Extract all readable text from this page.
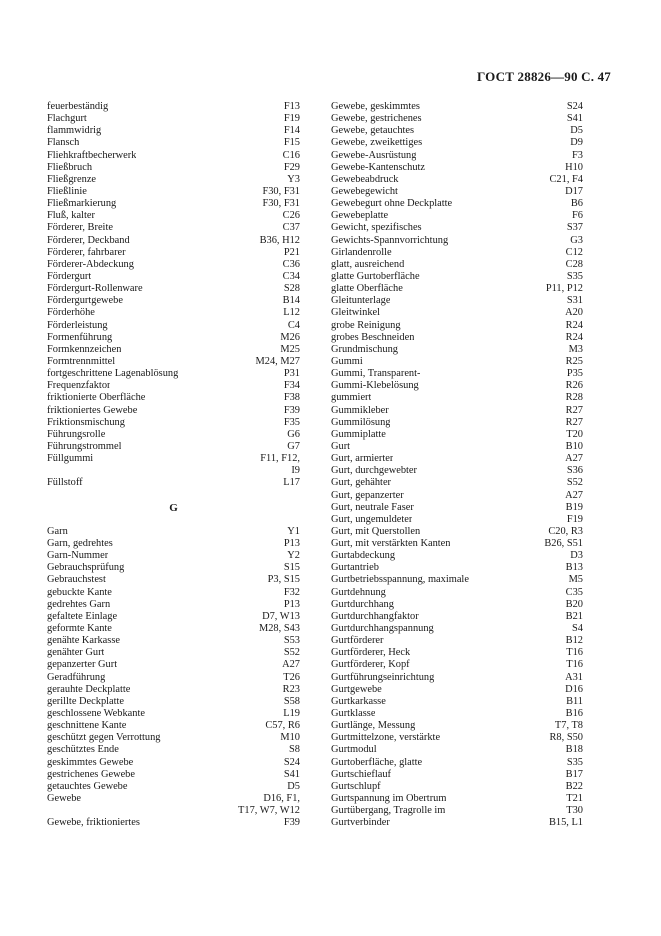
ГОСТ 28826—90 С. 47
feuerbeständig	F13
Flachgurt	F19
flammwidrig	F14
Flansch	F15
Fliehkraftbecherwerk	C16
Fließbruch	F29
Fließgrenze	Y3
Fließlinie	F30, F31
Fließmarkierung	F30, F31
Fluß, kalter	C26
Förderer, Breite	C37
Förderer, Deckband	B36, H12
Förderer, fahrbarer	P21
Förderer-Abdeckung	C36
Fördergurt	C34
Fördergurt-Rollenware	S28
Fördergurtgewebe	B14
Förderhöhe	L12
Förderleistung	C4
Formenführung	M26
Formkennzeichen	M25
Formtrennmittel	M24, M27
fortgeschrittene Lagenablösung	P31
Frequenzfaktor	F34
friktionierte Oberfläche	F38
friktioniertes Gewebe	F39
Friktionsmischung	F35
Führungsrolle	G6
Führungstrommel	G7
Füllgummi	F11, F12,
I9
Füllstoff	L17
G
Garn	Y1
Garn, gedrehtes	P13
Garn-Nummer	Y2
Gebrauchsprüfung	S15
Gebrauchstest	P3, S15
gebuckte Kante	F32
gedrehtes Garn	P13
gefaltete Einlage	D7, W13
geformte Kante	M28, S43
genähte Karkasse	S53
genähter Gurt	S52
gepanzerter Gurt	A27
Geradführung	T26
gerauhte Deckplatte	R23
gerillte Deckplatte	S58
geschlossene Webkante	L19
geschnittene Kante	C57, R6
geschützt gegen Verrottung	M10
geschütztes Ende	S8
geskimmtes Gewebe	S24
gestrichenes Gewebe	S41
getauchtes Gewebe	D5
Gewebe	D16, F1,
T17, W7, W12
Gewebe, friktioniertes	F39
Gewebe, geskimmtes	S24
Gewebe, gestrichenes	S41
Gewebe, getauchtes	D5
Gewebe, zweikettiges	D9
Gewebe-Ausrüstung	F3
Gewebe-Kantenschutz	H10
Gewebeabdruck	C21, F4
Gewebegewicht	D17
Gewebegurt ohne Deckplatte	B6
Gewebeplatte	F6
Gewicht, spezifisches	S37
Gewichts-Spannvorrichtung	G3
Girlandenrolle	C12
glatt, ausreichend	C28
glatte Gurtoberfläche	S35
glatte Oberfläche	P11, P12
Gleitunterlage	S31
Gleitwinkel	A20
grobe Reinigung	R24
grobes Beschneiden	R24
Grundmischung	M3
Gummi	R25
Gummi, Transparent-	P35
Gummi-Klebelösung	R26
gummiert	R28
Gummikleber	R27
Gummilösung	R27
Gummiplatte	T20
Gurt	B10
Gurt, armierter	A27
Gurt, durchgewebter	S36
Gurt, gehähter	S52
Gurt, gepanzerter	A27
Gurt, neutrale Faser	B19
Gurt, ungemuldeter	F19
Gurt, mit Querstollen	C20, R3
Gurt, mit verstärkten Kanten	B26, S51
Gurtabdeckung	D3
Gurtantrieb	B13
Gurtbetriebsspannung, maximale	M5
Gurtdehnung	C35
Gurtdurchhang	B20
Gurtdurchhangfaktor	B21
Gurtdurchhangspannung	S4
Gurtförderer	B12
Gurtförderer, Heck	T16
Gurtförderer, Kopf	T16
Gurtführungseinrichtung	A31
Gurtgewebe	D16
Gurtkarkasse	B11
Gurtklasse	B16
Gurtlänge, Messung	T7, T8
Gurtmittelzone, verstärkte	R8, S50
Gurtmodul	B18
Gurtoberfläche, glatte	S35
Gurtschieflauf	B17
Gurtschlupf	B22
Gurtspannung im Obertrum	T21
Gurtübergang, Tragrolle im	T30
Gurtverbinder	B15, L1
